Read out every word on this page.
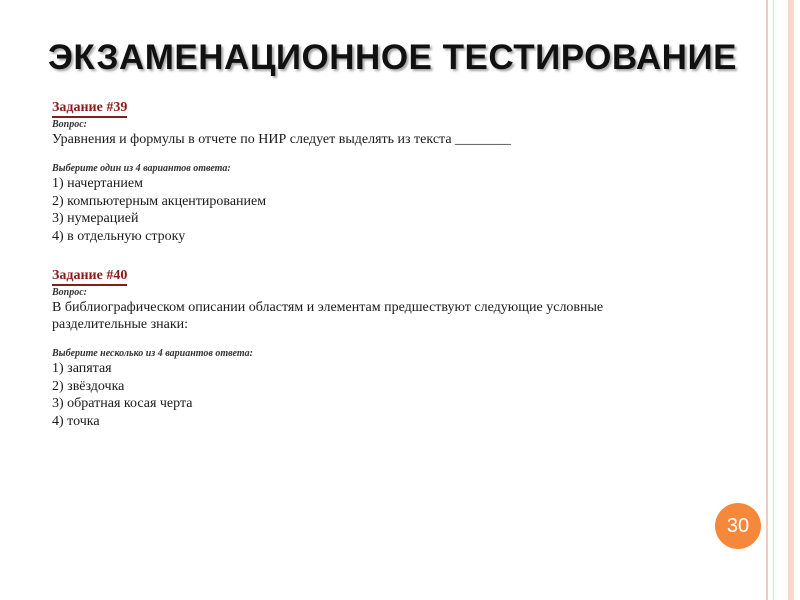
ЭКЗАМЕНАЦИОННОЕ ТЕСТИРОВАНИЕ
Задание #39
Вопрос:
Уравнения и формулы в отчете по НИР следует выделять из текста ________
Выберите один из 4 вариантов ответа:
1) начертанием
2) компьютерным акцентированием
3) нумерацией
4) в отдельную строку
Задание #40
Вопрос:
В библиографическом описании областям и элементам предшествуют следующие условные разделительные знаки:
Выберите несколько из 4 вариантов ответа:
1) запятая
2) звёздочка
3) обратная косая черта
4) точка
30
